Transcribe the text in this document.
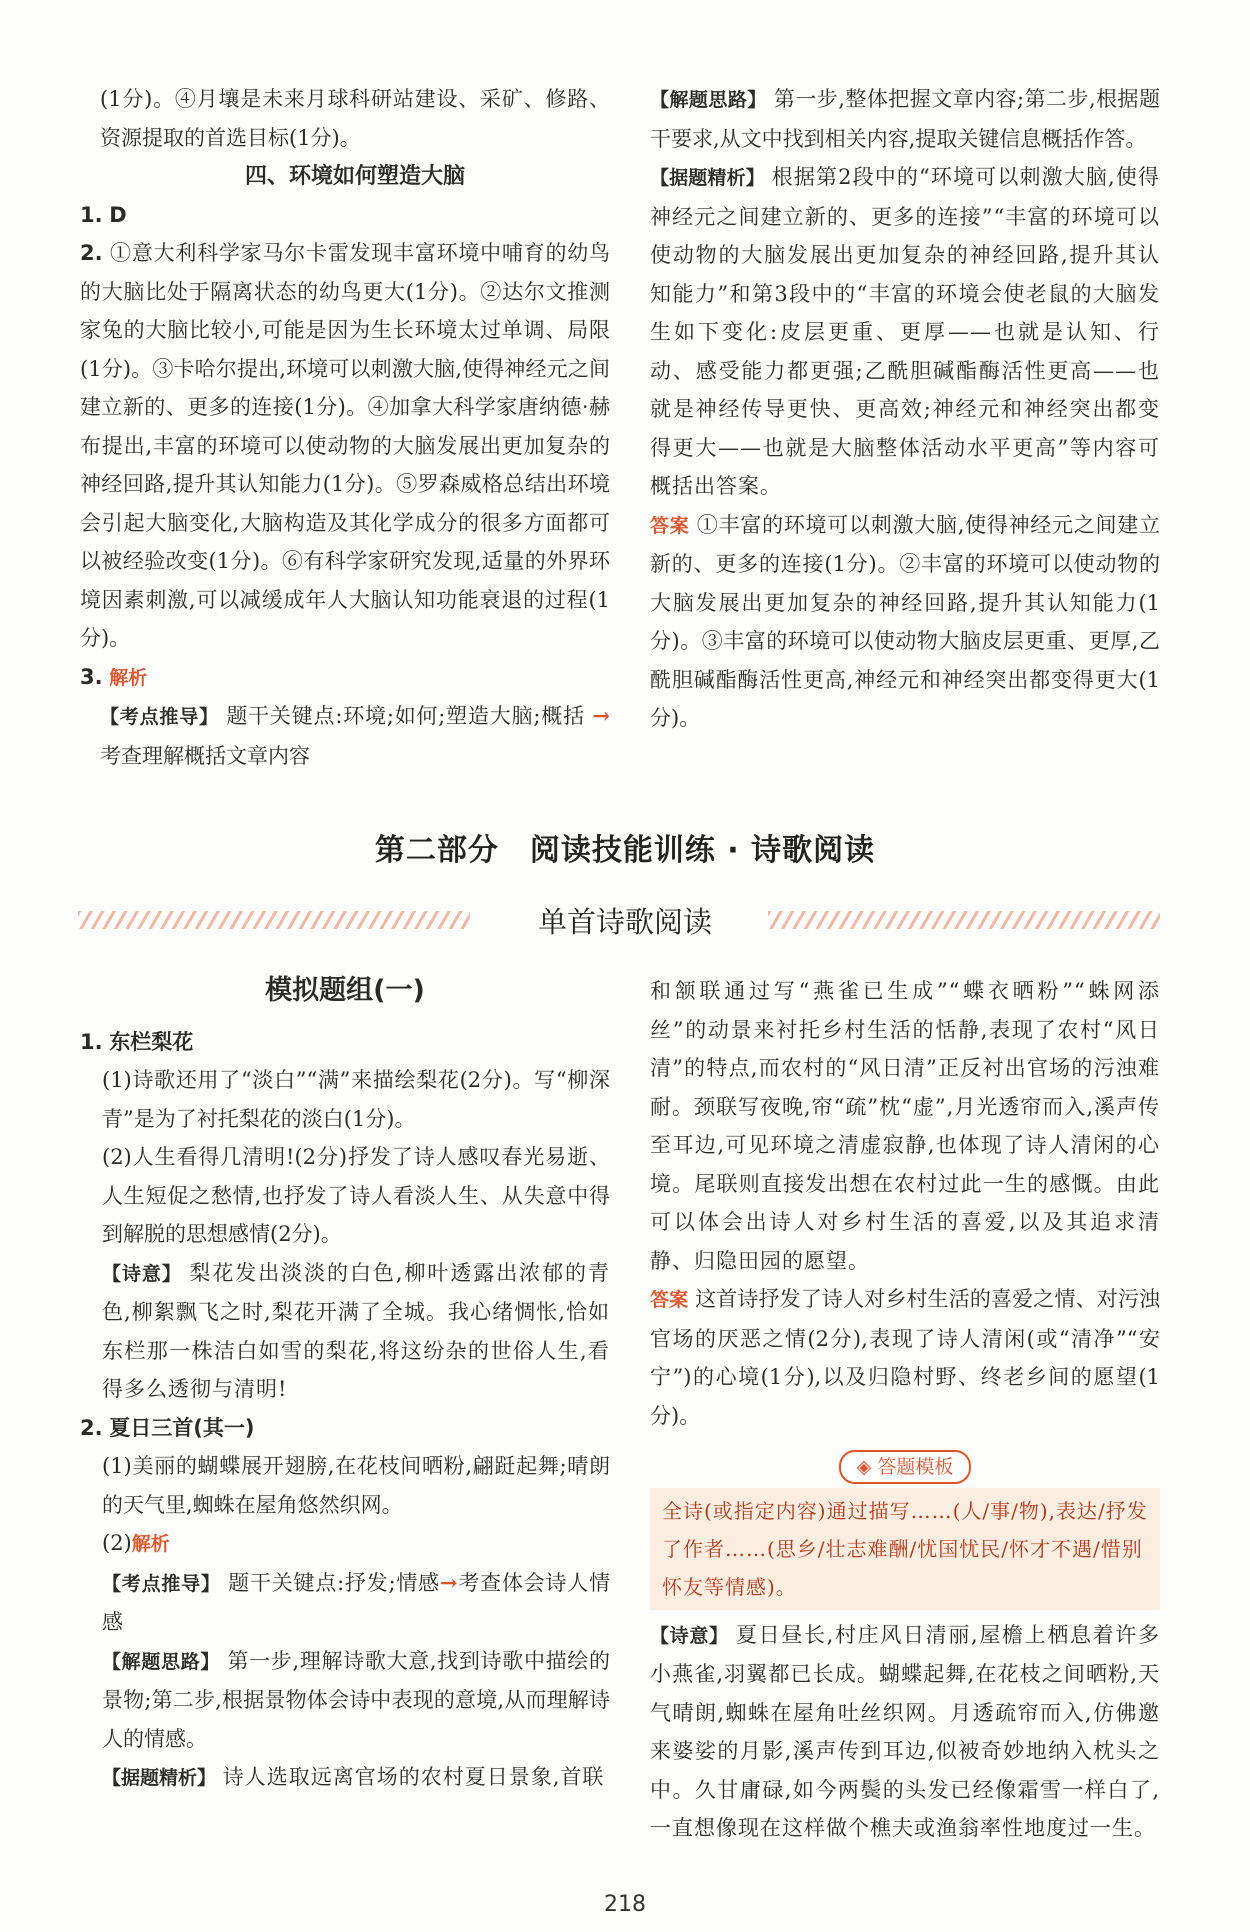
(1分)。④月壤是未来月球科研站建设、采矿、修路、资源提取的首选目标(1分)。

四、环境如何塑造大脑

1. D

2. ①意大利科学家马尔卡雷发现丰富环境中哺育的幼鸟的大脑比处于隔离状态的幼鸟更大(1分)。②达尔文推测家兔的大脑比较小,可能是因为生长环境太过单调、局限(1分)。③卡哈尔提出,环境可以刺激大脑,使得神经元之间建立新的、更多的连接(1分)。④加拿大科学家唐纳德·赫布提出,丰富的环境可以使动物的大脑发展出更加复杂的神经回路,提升其认知能力(1分)。⑤罗森威格总结出环境会引起大脑变化,大脑构造及其化学成分的很多方面都可以被经验改变(1分)。⑥有科学家研究发现,适量的外界环境因素刺激,可以减缓成年人大脑认知功能衰退的过程(1分)。

3. 解析

【考点推导】 题干关键点:环境;如何;塑造大脑;概括 → 考查理解概括文章内容

【解题思路】 第一步,整体把握文章内容;第二步,根据题干要求,从文中找到相关内容,提取关键信息概括作答。

【据题精析】 根据第2段中的“环境可以刺激大脑,使得神经元之间建立新的、更多的连接”“丰富的环境可以使动物的大脑发展出更加复杂的神经回路,提升其认知能力”和第3段中的“丰富的环境会使老鼠的大脑发生如下变化:皮层更重、更厚——也就是认知、行动、感受能力都更强;乙酰胆碱酯酶活性更高——也就是神经传导更快、更高效;神经元和神经突出都变得更大——也就是大脑整体活动水平更高”等内容可概括出答案。

答案 ①丰富的环境可以刺激大脑,使得神经元之间建立新的、更多的连接(1分)。②丰富的环境可以使动物的大脑发展出更加复杂的神经回路,提升其认知能力(1分)。③丰富的环境可以使动物大脑皮层更重、更厚,乙酰胆碱酯酶活性更高,神经元和神经突出都变得更大(1分)。

第二部分　阅读技能训练 · 诗歌阅读
单首诗歌阅读
模拟题组(一)

1. 东栏梨花

(1)诗歌还用了“淡白”“满”来描绘梨花(2分)。写“柳深青”是为了衬托梨花的淡白(1分)。

(2)人生看得几清明!(2分)抒发了诗人感叹春光易逝、人生短促之愁情,也抒发了诗人看淡人生、从失意中得到解脱的思想感情(2分)。

【诗意】 梨花发出淡淡的白色,柳叶透露出浓郁的青色,柳絮飘飞之时,梨花开满了全城。我心绪惆怅,恰如东栏那一株洁白如雪的梨花,将这纷杂的世俗人生,看得多么透彻与清明!

2. 夏日三首(其一)

(1)美丽的蝴蝶展开翅膀,在花枝间晒粉,翩跹起舞;晴朗的天气里,蜘蛛在屋角悠然织网。

(2)解析

【考点推导】 题干关键点:抒发;情感→考查体会诗人情感

【解题思路】 第一步,理解诗歌大意,找到诗歌中描绘的景物;第二步,根据景物体会诗中表现的意境,从而理解诗人的情感。

【据题精析】 诗人选取远离官场的农村夏日景象,首联

和颔联通过写“燕雀已生成”“蝶衣晒粉”“蛛网添丝”的动景来衬托乡村生活的恬静,表现了农村“风日清”的特点,而农村的“风日清”正反衬出官场的污浊难耐。颈联写夜晚,帘“疏”枕“虚”,月光透帘而入,溪声传至耳边,可见环境之清虚寂静,也体现了诗人清闲的心境。尾联则直接发出想在农村过此一生的感慨。由此可以体会出诗人对乡村生活的喜爱,以及其追求清静、归隐田园的愿望。

答案 这首诗抒发了诗人对乡村生活的喜爱之情、对污浊官场的厌恶之情(2分),表现了诗人清闲(或“清净”“安宁”)的心境(1分),以及归隐村野、终老乡间的愿望(1分)。

◈ 答题模板
全诗(或指定内容)通过描写……(人/事/物),表达/抒发了作者……(思乡/壮志难酬/忧国忧民/怀才不遇/惜别怀友等情感)。

【诗意】 夏日昼长,村庄风日清丽,屋檐上栖息着许多小燕雀,羽翼都已长成。蝴蝶起舞,在花枝之间晒粉,天气晴朗,蜘蛛在屋角吐丝织网。月透疏帘而入,仿佛邀来婆娑的月影,溪声传到耳边,似被奇妙地纳入枕头之中。久甘庸碌,如今两鬓的头发已经像霜雪一样白了,一直想像现在这样做个樵夫或渔翁率性地度过一生。

218
